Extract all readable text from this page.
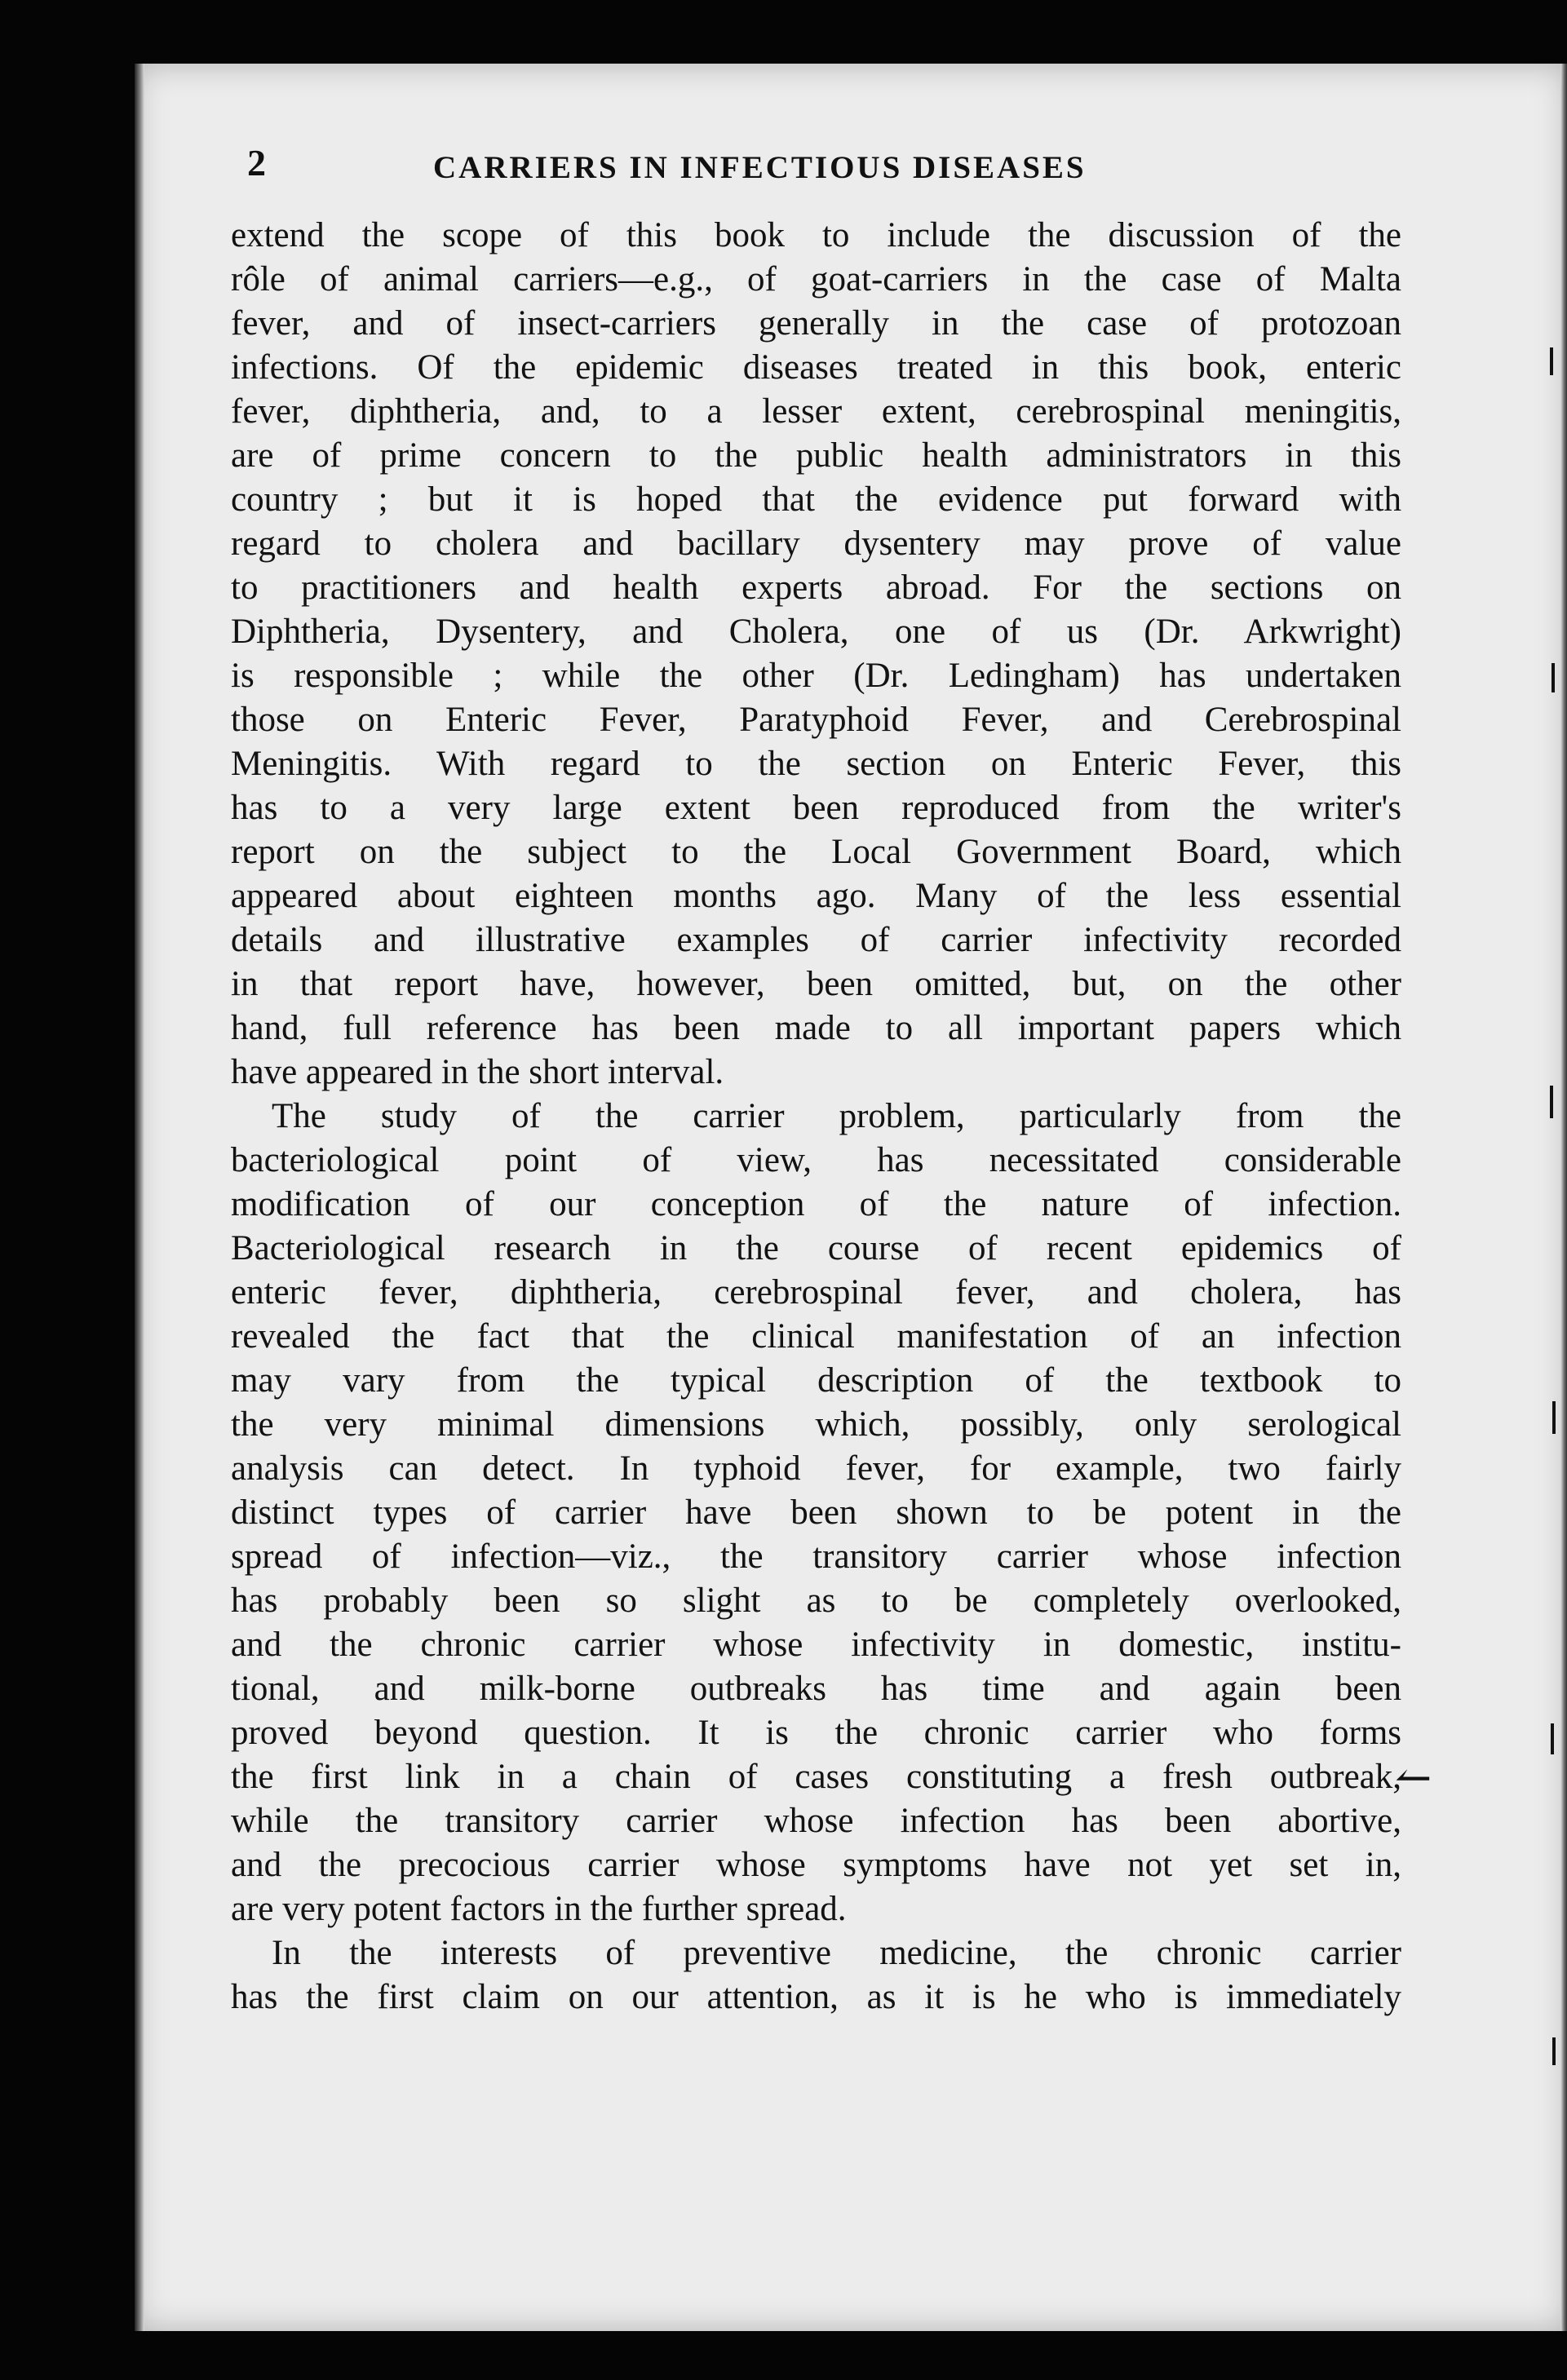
2	CARRIERS IN INFECTIOUS DISEASES
extend the scope of this book to include the discussion of the
rôle of animal carriers—e.g., of goat-carriers in the case of Malta
fever, and of insect-carriers generally in the case of protozoan
infections. Of the epidemic diseases treated in this book, enteric
fever, diphtheria, and, to a lesser extent, cerebrospinal meningitis,
are of prime concern to the public health administrators in this
country ; but it is hoped that the evidence put forward with
regard to cholera and bacillary dysentery may prove of value
to practitioners and health experts abroad. For the sections on
Diphtheria, Dysentery, and Cholera, one of us (Dr. Arkwright)
is responsible ; while the other (Dr. Ledingham) has undertaken
those on Enteric Fever, Paratyphoid Fever, and Cerebrospinal
Meningitis. With regard to the section on Enteric Fever, this
has to a very large extent been reproduced from the writer's
report on the subject to the Local Government Board, which
appeared about eighteen months ago. Many of the less essential
details and illustrative examples of carrier infectivity recorded
in that report have, however, been omitted, but, on the other
hand, full reference has been made to all important papers which
have appeared in the short interval.
The study of the carrier problem, particularly from the
bacteriological point of view, has necessitated considerable
modification of our conception of the nature of infection.
Bacteriological research in the course of recent epidemics of
enteric fever, diphtheria, cerebrospinal fever, and cholera, has
revealed the fact that the clinical manifestation of an infection
may vary from the typical description of the textbook to
the very minimal dimensions which, possibly, only serological
analysis can detect. In typhoid fever, for example, two fairly
distinct types of carrier have been shown to be potent in the
spread of infection—viz., the transitory carrier whose infection
has probably been so slight as to be completely overlooked,
and the chronic carrier whose infectivity in domestic, institu-
tional, and milk-borne outbreaks has time and again been
proved beyond question. It is the chronic carrier who forms
the first link in a chain of cases constituting a fresh outbreak,
while the transitory carrier whose infection has been abortive,
and the precocious carrier whose symptoms have not yet set in,
are very potent factors in the further spread.
In the interests of preventive medicine, the chronic carrier
has the first claim on our attention, as it is he who is immediately
↼
